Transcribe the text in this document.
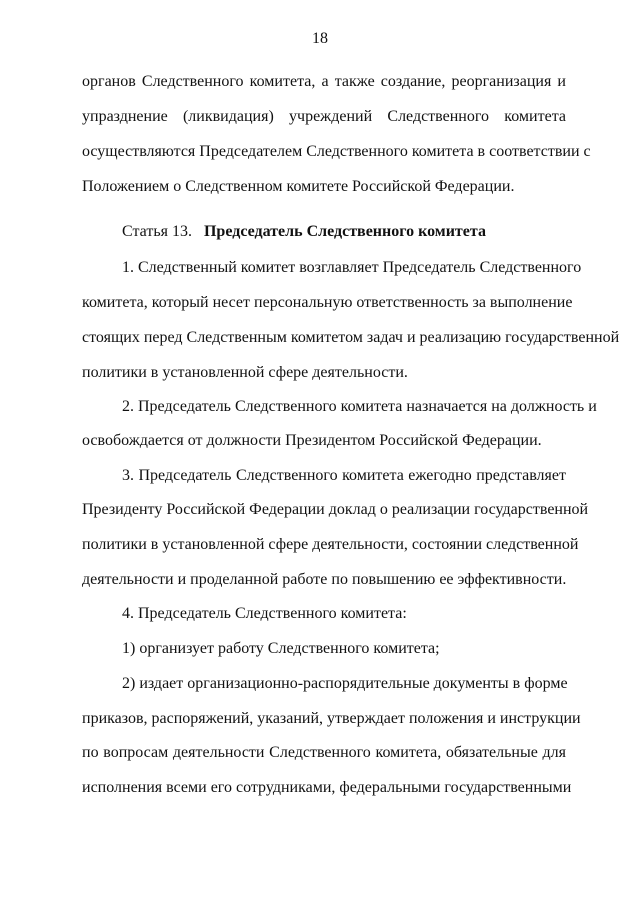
18
органов Следственного комитета, а также создание, реорганизация и
упразднение (ликвидация) учреждений Следственного комитета
осуществляются Председателем Следственного комитета в соответствии с
Положением о Следственном комитете Российской Федерации.
Статья 13. Председатель Следственного комитета
1. Следственный комитет возглавляет Председатель Следственного
комитета, который несет персональную ответственность за выполнение
стоящих перед Следственным комитетом задач и реализацию государственной
политики в установленной сфере деятельности.
2. Председатель Следственного комитета назначается на должность и
освобождается от должности Президентом Российской Федерации.
3. Председатель Следственного комитета ежегодно представляет
Президенту Российской Федерации доклад о реализации государственной
политики в установленной сфере деятельности, состоянии следственной
деятельности и проделанной работе по повышению ее эффективности.
4. Председатель Следственного комитета:
1) организует работу Следственного комитета;
2) издает организационно-распорядительные документы в форме
приказов, распоряжений, указаний, утверждает положения и инструкции
по вопросам деятельности Следственного комитета, обязательные для
исполнения всеми его сотрудниками, федеральными государственными
